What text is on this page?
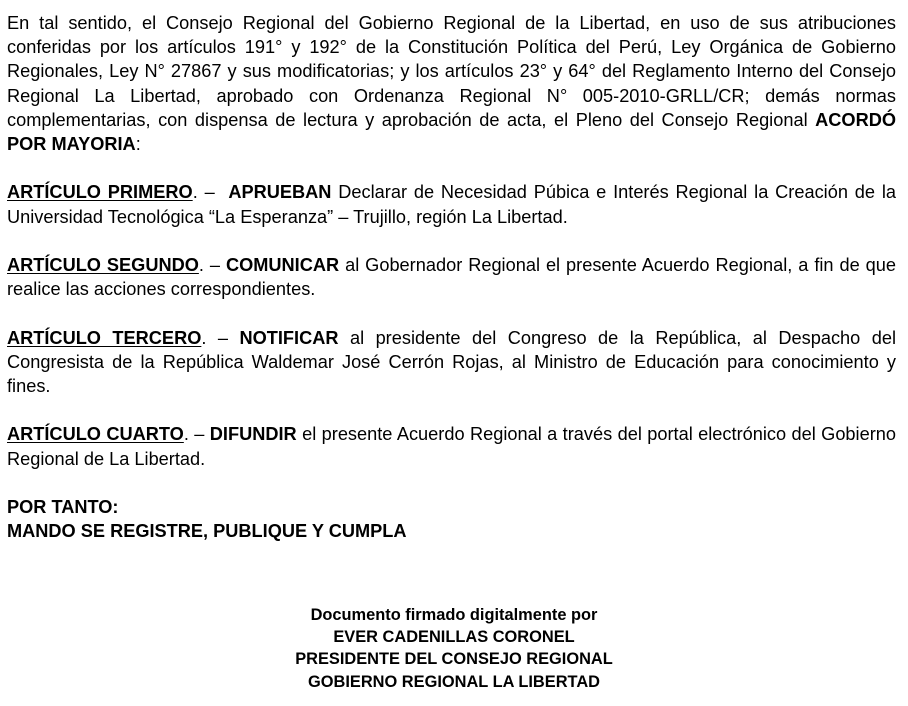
En tal sentido, el Consejo Regional del Gobierno Regional de la Libertad, en uso de sus atribuciones conferidas por los artículos 191° y 192° de la Constitución Política del Perú, Ley Orgánica de Gobierno Regionales, Ley N° 27867 y sus modificatorias; y los artículos 23° y 64° del Reglamento Interno del Consejo Regional La Libertad, aprobado con Ordenanza Regional N° 005-2010-GRLL/CR; demás normas complementarias, con dispensa de lectura y aprobación de acta, el Pleno del Consejo Regional ACORDÓ POR MAYORIA:

ARTÍCULO PRIMERO. –  APRUEBAN Declarar de Necesidad Púbica e Interés Regional la Creación de la Universidad Tecnológica “La Esperanza” – Trujillo, región La Libertad.

ARTÍCULO SEGUNDO. – COMUNICAR al Gobernador Regional el presente Acuerdo Regional, a fin de que realice las acciones correspondientes.

ARTÍCULO TERCERO. – NOTIFICAR al presidente del Congreso de la República, al Despacho del Congresista de la República Waldemar José Cerrón Rojas, al Ministro de Educación para conocimiento y fines.

ARTÍCULO CUARTO. – DIFUNDIR el presente Acuerdo Regional a través del portal electrónico del Gobierno Regional de La Libertad.

POR TANTO:

MANDO SE REGISTRE, PUBLIQUE Y CUMPLA

Documento firmado digitalmente por
EVER CADENILLAS CORONEL
PRESIDENTE DEL CONSEJO REGIONAL
GOBIERNO REGIONAL LA LIBERTAD
